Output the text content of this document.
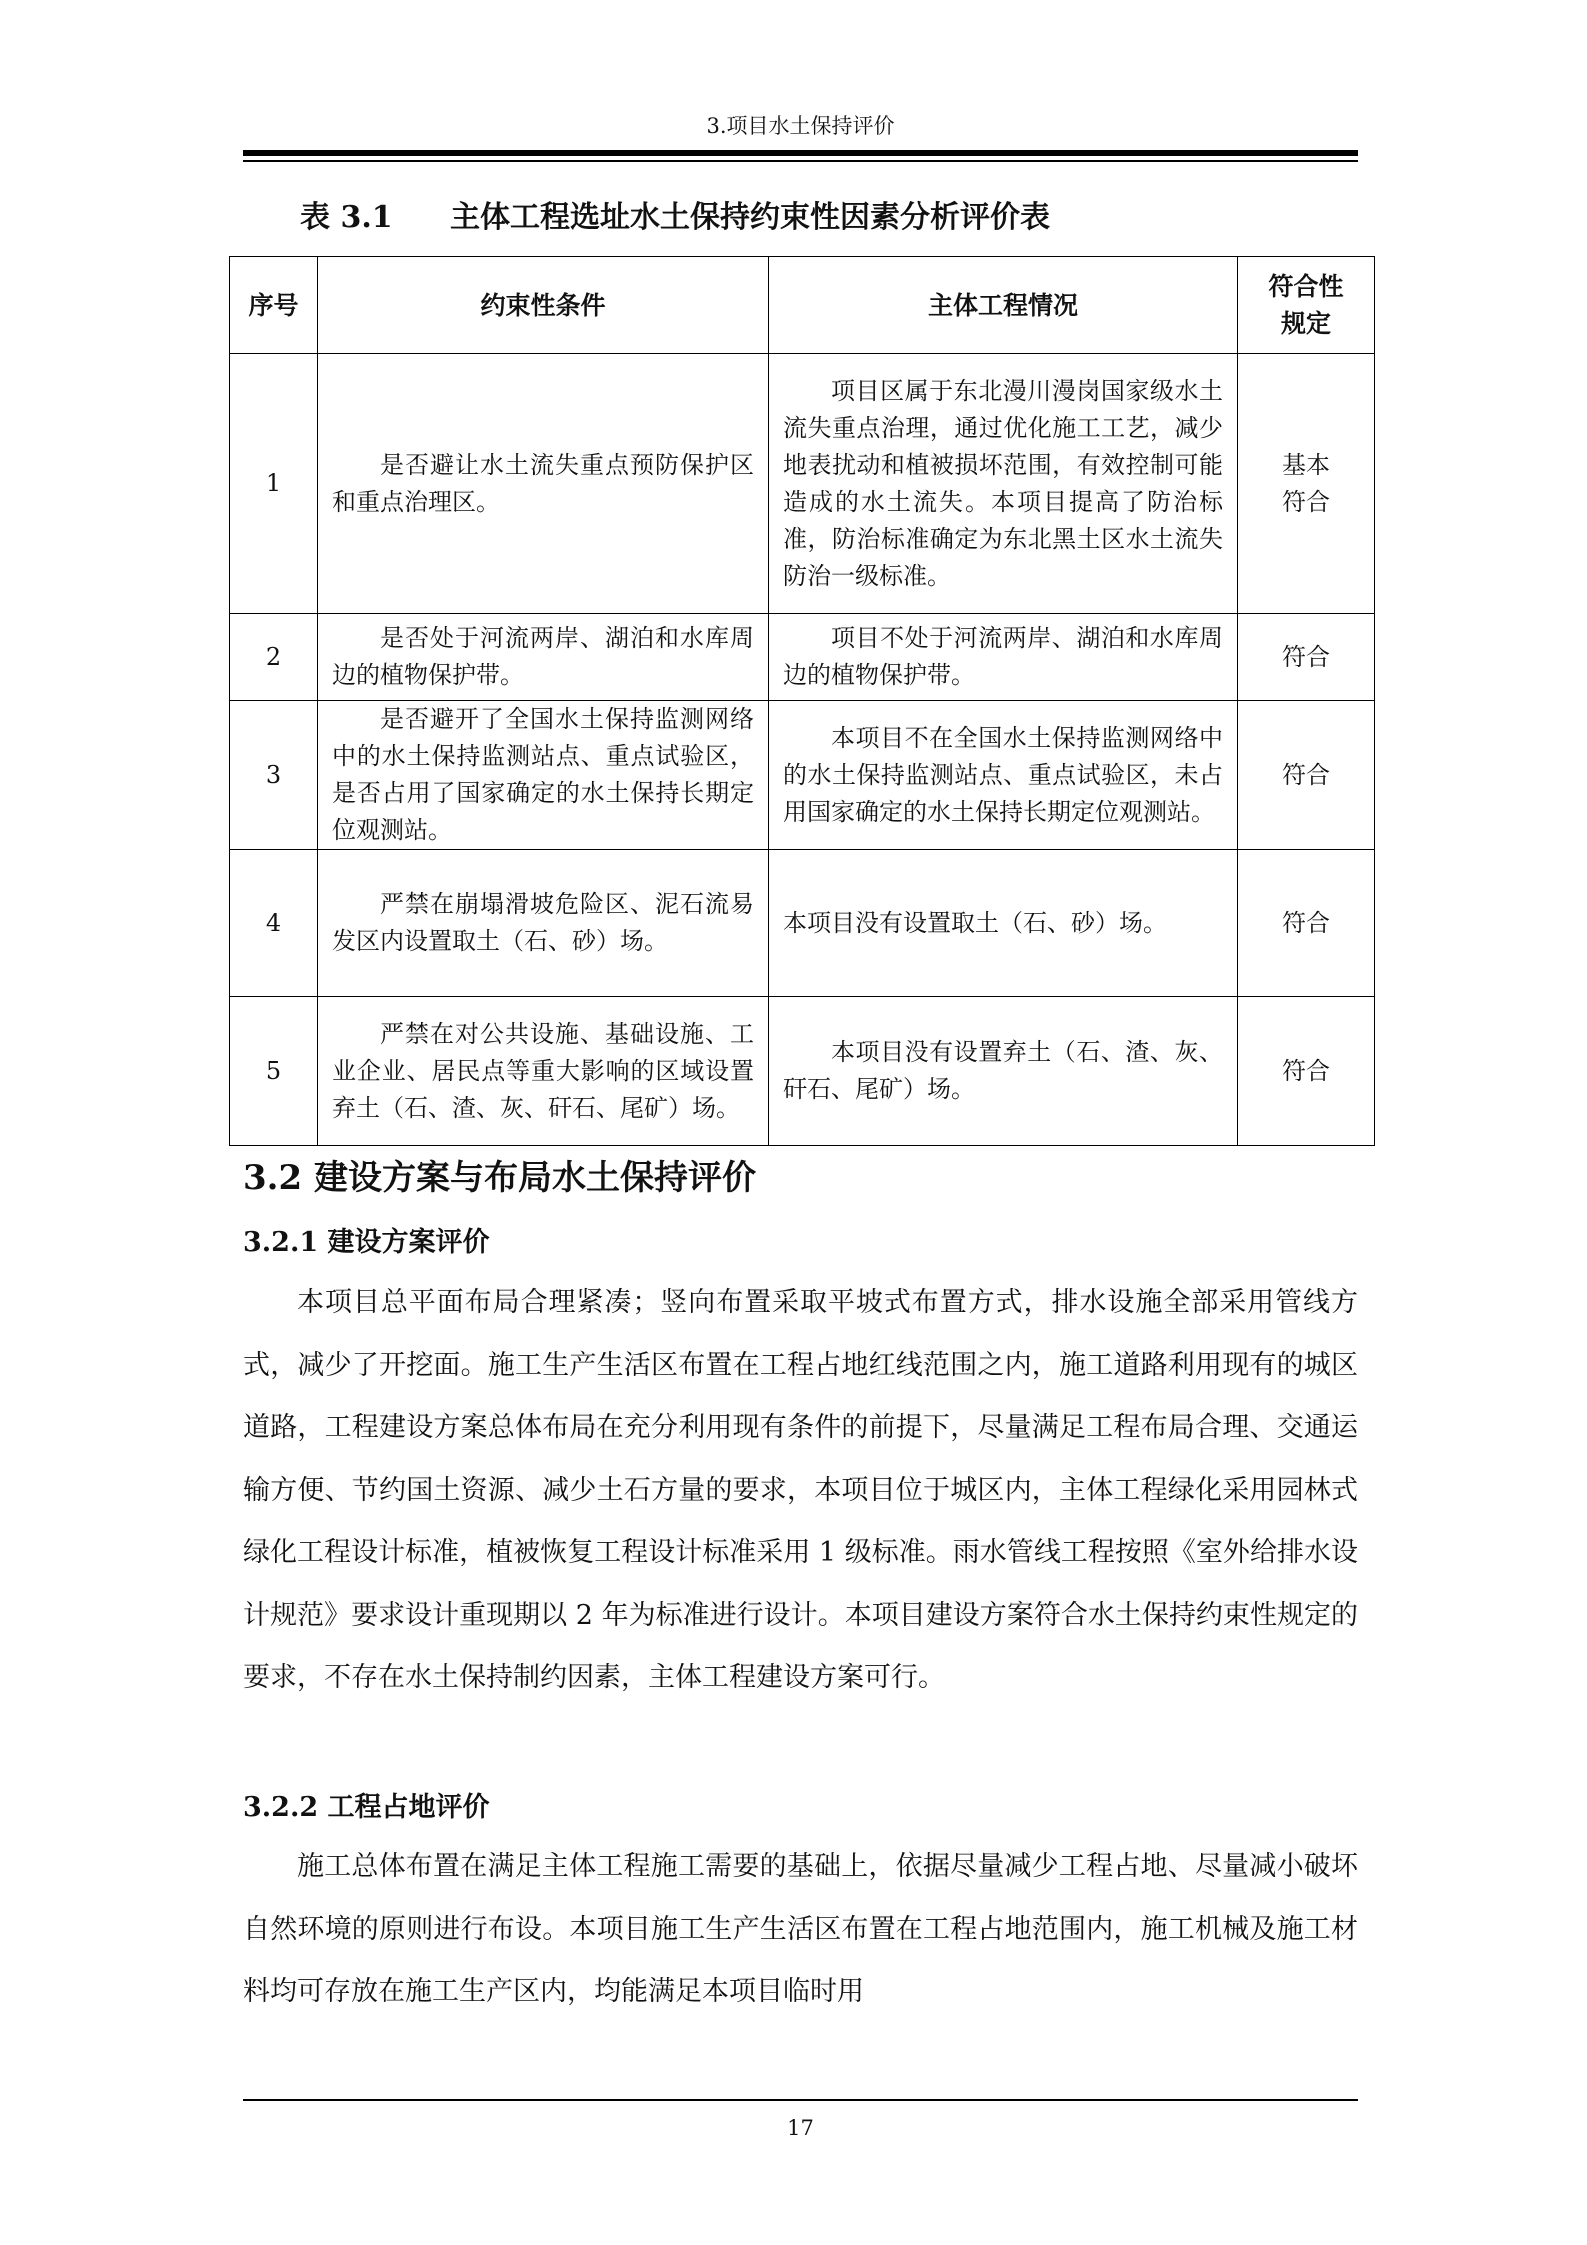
3.项目水土保持评价
表 3.1 主体工程选址水土保持约束性因素分析评价表
序号	约束性条件	主体工程情况	符合性
规定

1	是否避让水土流失重点预防保护区和重点治理区。	项目区属于东北漫川漫岗国家级水土流失重点治理，通过优化施工工艺，减少地表扰动和植被损坏范围，有效控制可能造成的水土流失。本项目提高了防治标准，防治标准确定为东北黑土区水土流失防治一级标准。	基本
符合

2	是否处于河流两岸、湖泊和水库周边的植物保护带。	项目不处于河流两岸、湖泊和水库周边的植物保护带。	符合
3	是否避开了全国水土保持监测网络中的水土保持监测站点、重点试验区，是否占用了国家确定的水土保持长期定位观测站。	本项目不在全国水土保持监测网络中的水土保持监测站点、重点试验区，未占用国家确定的水土保持长期定位观测站。	符合
4	严禁在崩塌滑坡危险区、泥石流易发区内设置取土（石、砂）场。	本项目没有设置取土（石、砂）场。	符合
5	严禁在对公共设施、基础设施、工业企业、居民点等重大影响的区域设置弃土（石、渣、灰、矸石、尾矿）场。	本项目没有设置弃土（石、渣、灰、矸石、尾矿）场。	符合
3.2 建设方案与布局水土保持评价
3.2.1 建设方案评价

本项目总平面布局合理紧凑；竖向布置采取平坡式布置方式，排水设施全部采用管线方式，减少了开挖面。施工生产生活区布置在工程占地红线范围之内，施工道路利用现有的城区道路，工程建设方案总体布局在充分利用现有条件的前提下，尽量满足工程布局合理、交通运输方便、节约国土资源、减少土石方量的要求，本项目位于城区内，主体工程绿化采用园林式绿化工程设计标准，植被恢复工程设计标准采用 1 级标准。雨水管线工程按照《室外给排水设计规范》要求设计重现期以 2 年为标准进行设计。本项目建设方案符合水土保持约束性规定的要求，不存在水土保持制约因素，主体工程建设方案可行。

3.2.2 工程占地评价

施工总体布置在满足主体工程施工需要的基础上，依据尽量减少工程占地、尽量减小破坏自然环境的原则进行布设。本项目施工生产生活区布置在工程占地范围内，施工机械及施工材料均可存放在施工生产区内，均能满足本项目临时用

17
